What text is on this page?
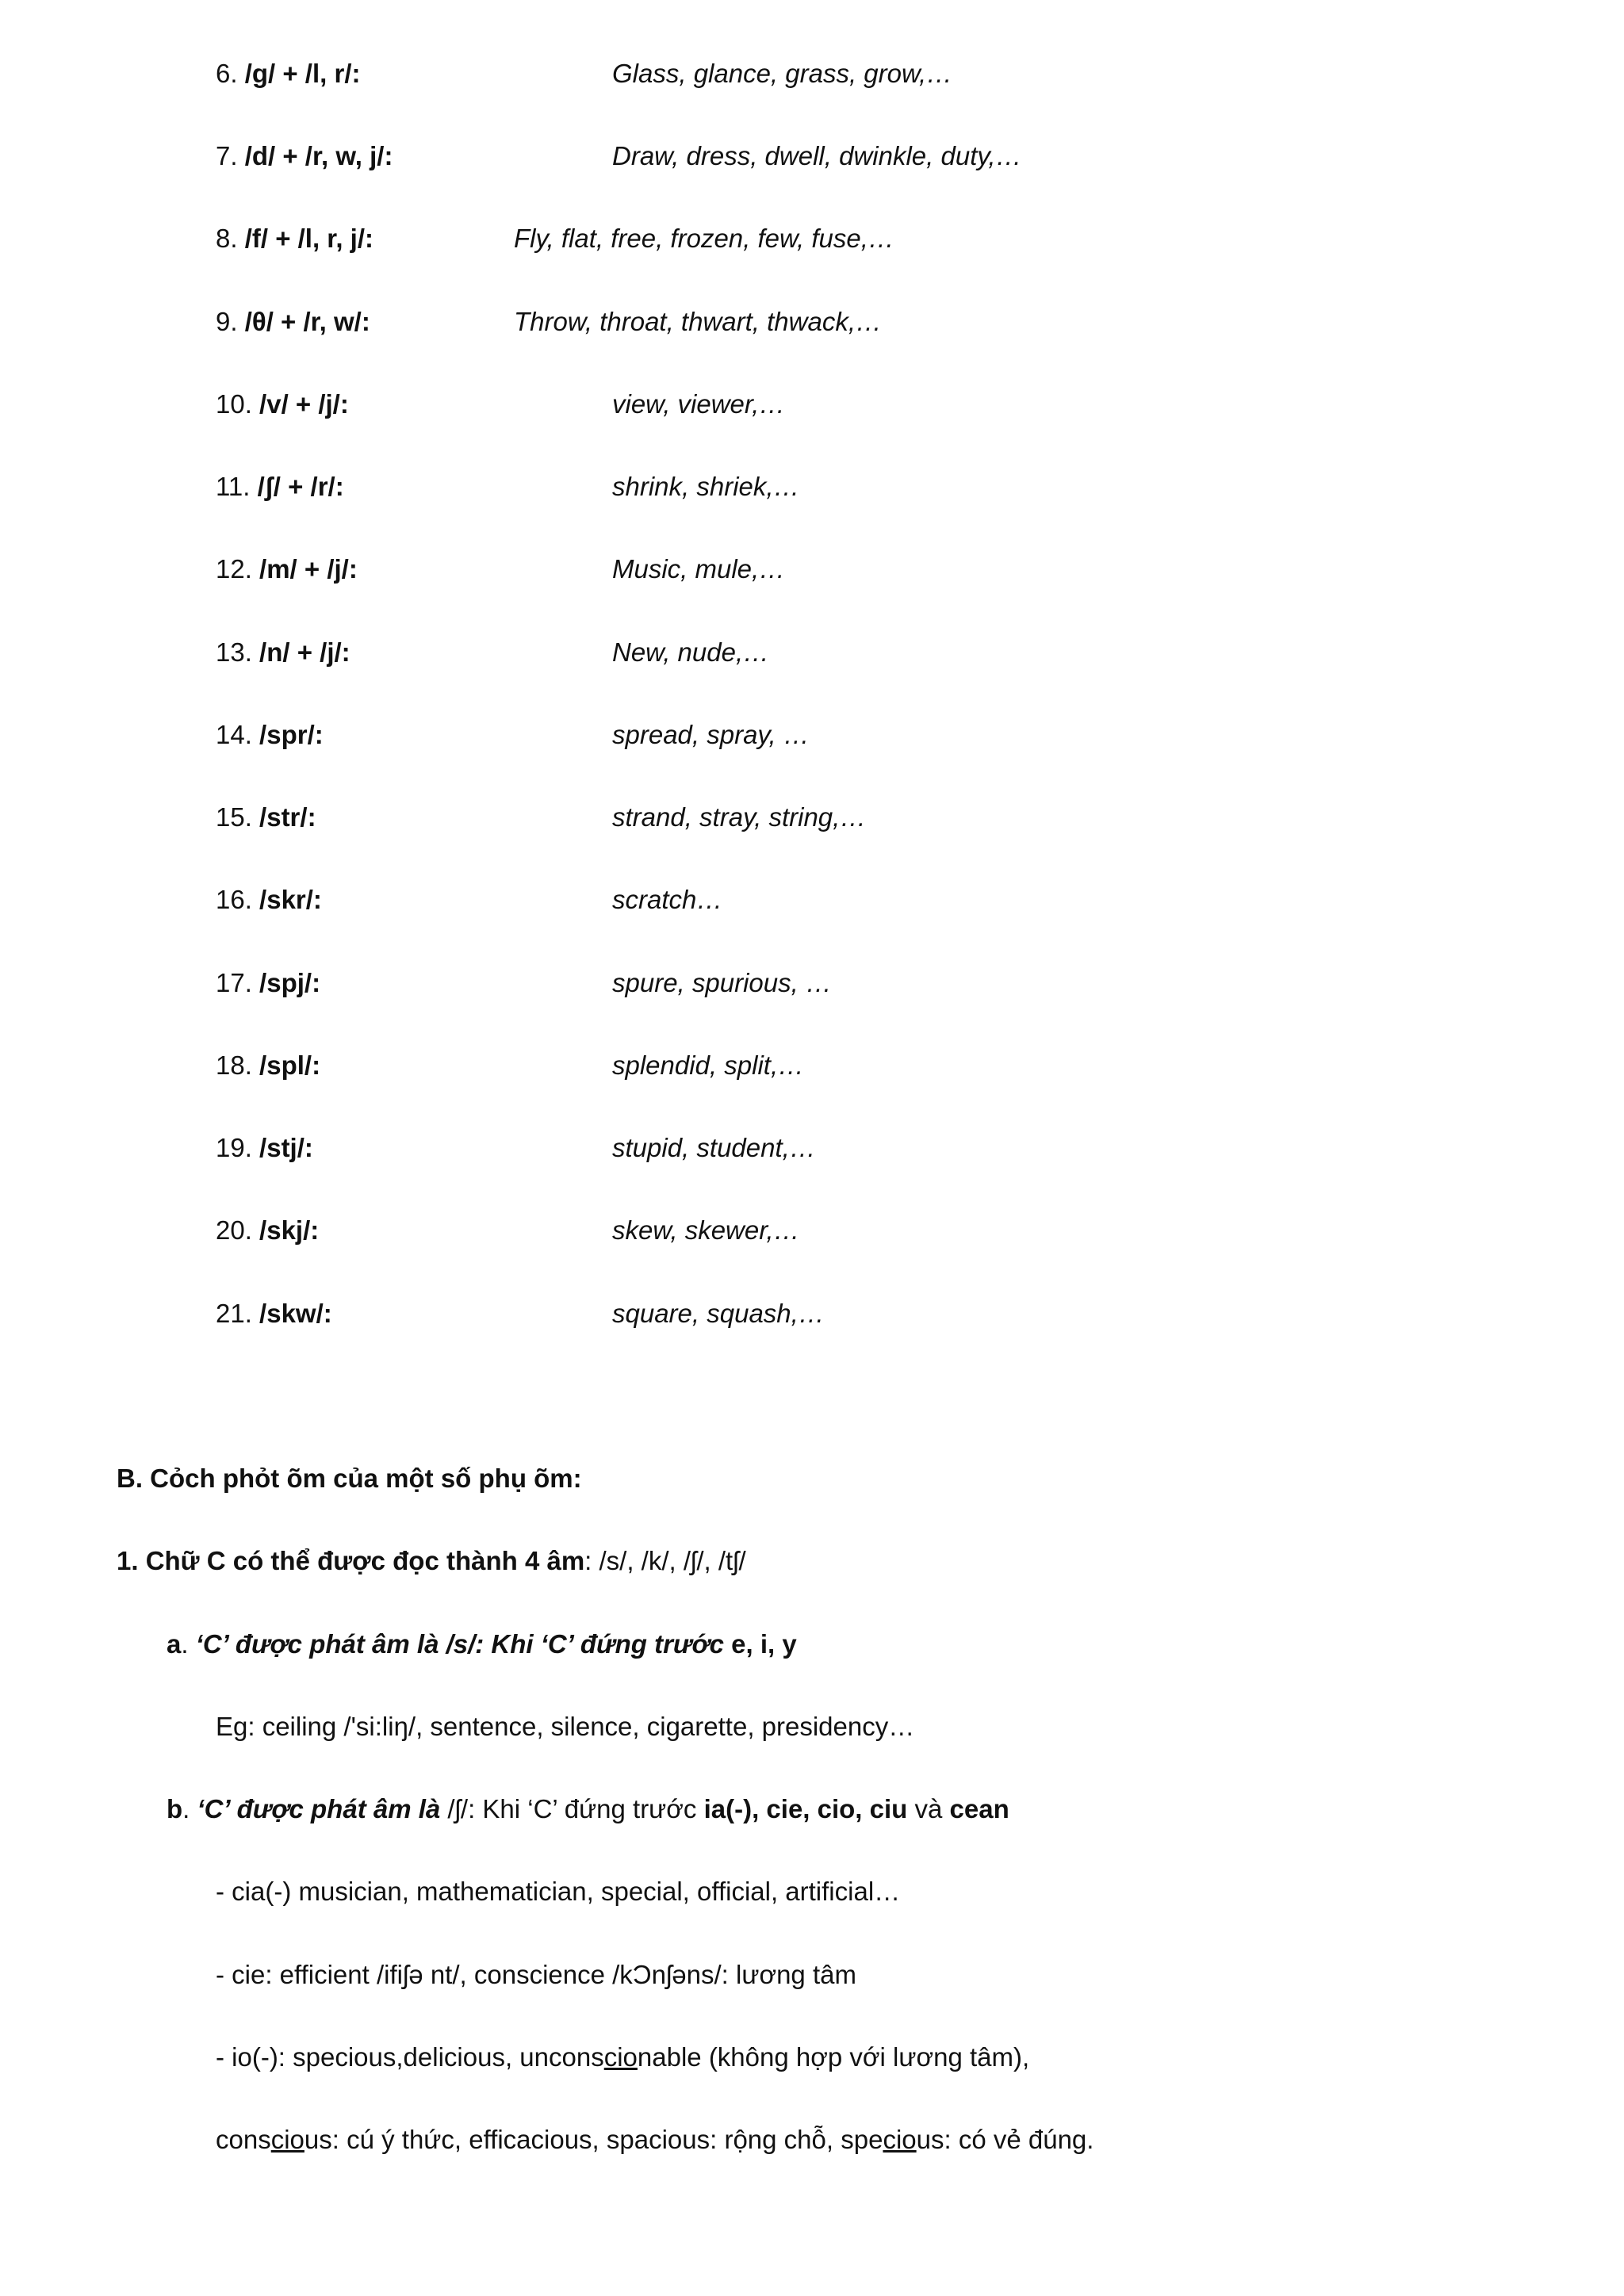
6. /g/ + /l, r/:	Glass, glance, grass, grow,…
7. /d/ + /r, w, j/:	Draw, dress, dwell, dwinkle, duty,…
8. /f/ + /l, r, j/:	Fly, flat, free, frozen, few, fuse,…
9. /θ/ + /r, w/:	Throw, throat, thwart, thwack,…
10. /v/ + /j/:	view, viewer,…
11. /ʃ/ + /r/:	shrink, shriek,…
12. /m/ + /j/:	Music, mule,…
13. /n/ + /j/:	New, nude,…
14. /spr/:	spread, spray, …
15. /str/:	strand, stray, string,…
16. /skr/:	scratch…
17. /spj/:	spure, spurious, …
18. /spl/:	splendid, split,…
19. /stj/:	stupid, student,…
20. /skj/:	skew, skewer,…
21. /skw/:	square, squash,…
B. Cỏch phỏt õm của một số phụ õm:
1. Chữ C có thể được đọc thành 4 âm: /s/, /k/, /ʃ/, /tʃ/
a. ‘C’ được phát âm là /s/: Khi ‘C’ đứng trước e, i, y
Eg: ceiling /'si:liŋ/, sentence, silence, cigarette, presidency…
b. ‘C’ được phát âm là /ʃ/: Khi ‘C’ đứng trước ia(-), cie, cio, ciu và cean
- cia(-) musician, mathematician, special, official, artificial…
- cie: efficient /ifiʃə nt/, conscience /kƆnʃəns/: lương tâm
- io(-): specious,delicious, unconscionable (không hợp với lương tâm),
conscious: cú ý thức, efficacious, spacious: rộng chỗ, specious: có vẻ đúng.
